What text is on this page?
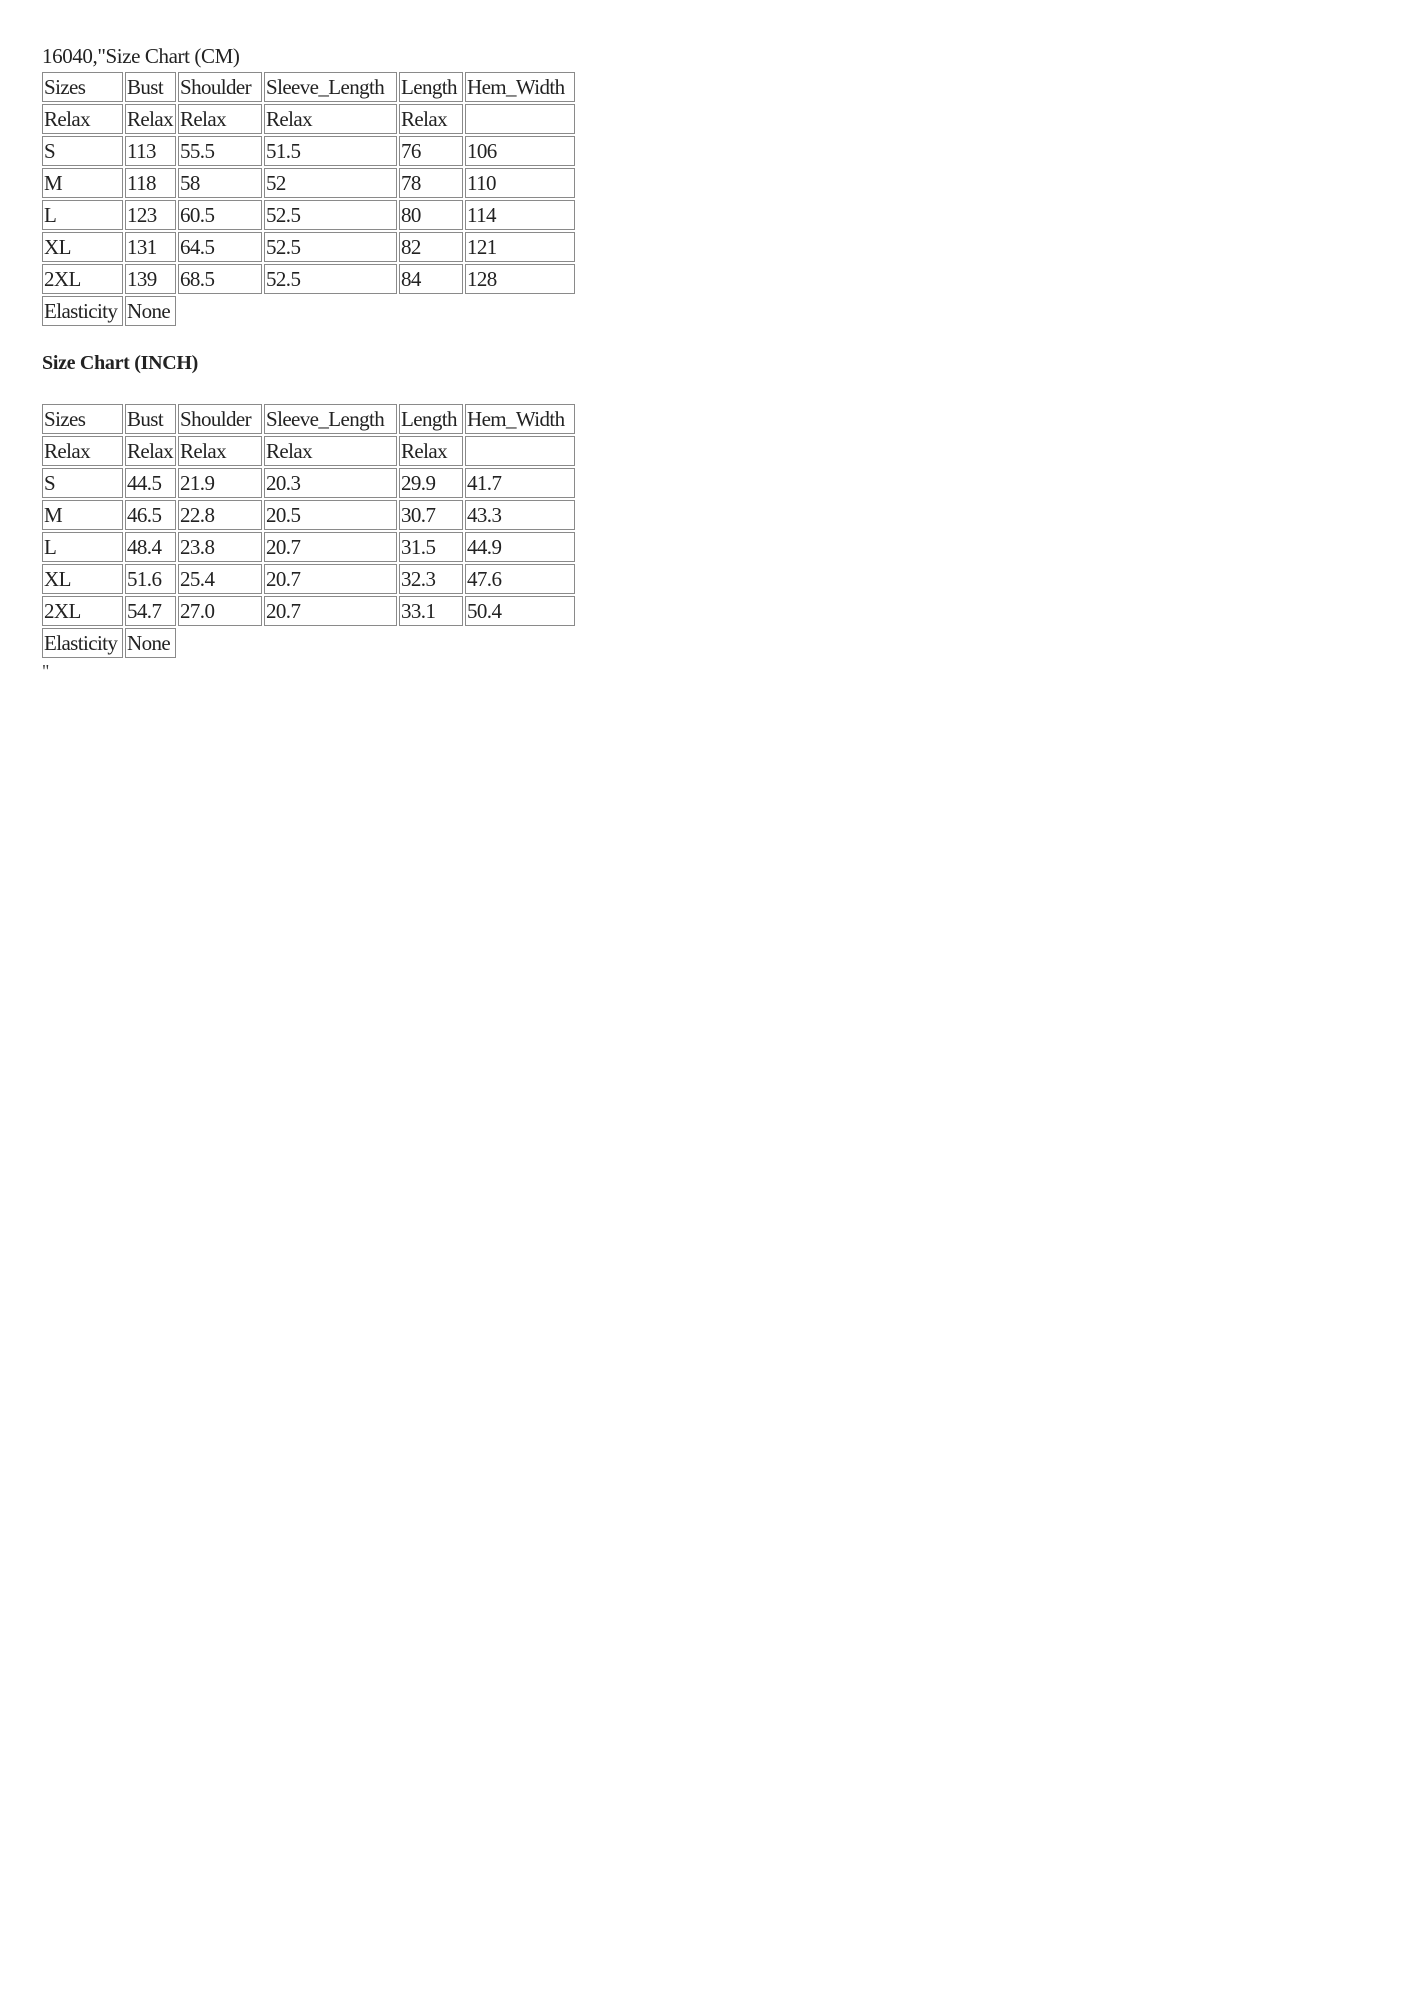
16040,"Size Chart (CM)
Sizes	Bust	Shoulder	Sleeve_Length	Length	Hem_Width
Relax	Relax	Relax	Relax	Relax	
S	113	55.5	51.5	76	106
M	118	58	52	78	110
L	123	60.5	52.5	80	114
XL	131	64.5	52.5	82	121
2XL	139	68.5	52.5	84	128
Elasticity	None				
Size Chart (INCH)
Sizes	Bust	Shoulder	Sleeve_Length	Length	Hem_Width
Relax	Relax	Relax	Relax	Relax	
S	44.5	21.9	20.3	29.9	41.7
M	46.5	22.8	20.5	30.7	43.3
L	48.4	23.8	20.7	31.5	44.9
XL	51.6	25.4	20.7	32.3	47.6
2XL	54.7	27.0	20.7	33.1	50.4
Elasticity	None				
"
